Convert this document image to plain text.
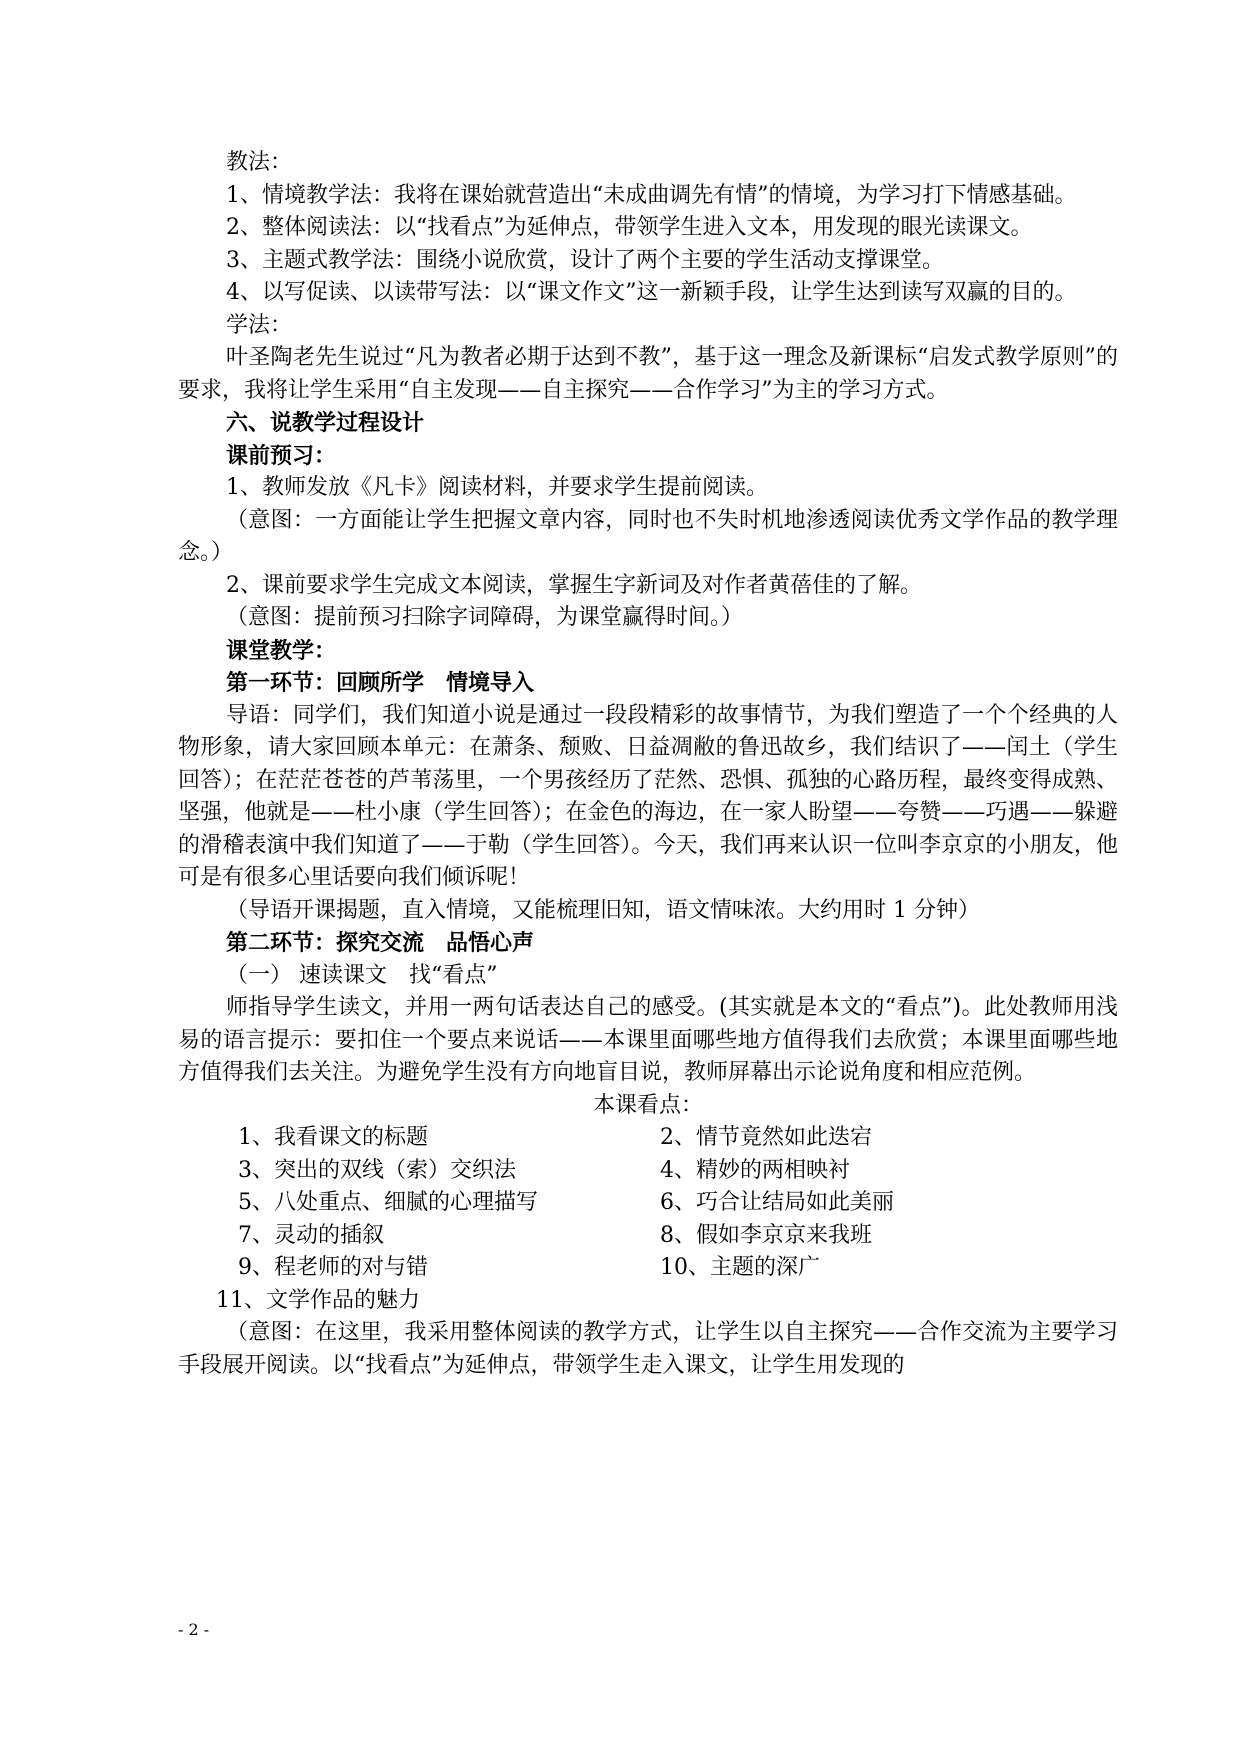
教法：

1、情境教学法：我将在课始就营造出“未成曲调先有情”的情境，为学习打下情感基础。

2、整体阅读法：以“找看点”为延伸点，带领学生进入文本，用发现的眼光读课文。

3、主题式教学法：围绕小说欣赏，设计了两个主要的学生活动支撑课堂。

4、以写促读、以读带写法：以“课文作文”这一新颖手段，让学生达到读写双赢的目的。

学法：

叶圣陶老先生说过“凡为教者必期于达到不教”，基于这一理念及新课标“启发式教学原则”的要求，我将让学生采用“自主发现——自主探究——合作学习”为主的学习方式。

六、说教学过程设计

课前预习：

1、教师发放《凡卡》阅读材料，并要求学生提前阅读。

（意图：一方面能让学生把握文章内容，同时也不失时机地渗透阅读优秀文学作品的教学理念。）

2、课前要求学生完成文本阅读，掌握生字新词及对作者黄蓓佳的了解。

（意图：提前预习扫除字词障碍，为课堂赢得时间。）

课堂教学：

第一环节：回顾所学　情境导入

导语：同学们，我们知道小说是通过一段段精彩的故事情节，为我们塑造了一个个经典的人物形象，请大家回顾本单元：在萧条、颓败、日益凋敝的鲁迅故乡，我们结识了——闰土（学生回答）；在茫茫苍苍的芦苇荡里，一个男孩经历了茫然、恐惧、孤独的心路历程，最终变得成熟、坚强，他就是——杜小康（学生回答）；在金色的海边，在一家人盼望——夸赞——巧遇——躲避的滑稽表演中我们知道了——于勒（学生回答）。今天，我们再来认识一位叫李京京的小朋友，他可是有很多心里话要向我们倾诉呢！

（导语开课揭题，直入情境，又能梳理旧知，语文情味浓。大约用时 1 分钟）

第二环节：探究交流　品悟心声

（一） 速读课文　找“看点”

师指导学生读文，并用一两句话表达自己的感受。(其实就是本文的“看点”)。此处教师用浅易的语言提示：要扣住一个要点来说话——本课里面哪些地方值得我们去欣赏；本课里面哪些地方值得我们去关注。为避免学生没有方向地盲目说，教师屏幕出示论说角度和相应范例。

本课看点：

1、我看课文的标题	2、情节竟然如此迭宕

3、突出的双线（索）交织法	4、精妙的两相映衬

5、八处重点、细腻的心理描写	6、巧合让结局如此美丽

7、灵动的插叙	8、假如李京京来我班

9、程老师的对与错	10、主题的深广

11、文学作品的魅力

（意图：在这里，我采用整体阅读的教学方式，让学生以自主探究——合作交流为主要学习手段展开阅读。以“找看点”为延伸点，带领学生走入课文，让学生用发现的

- 2 -
